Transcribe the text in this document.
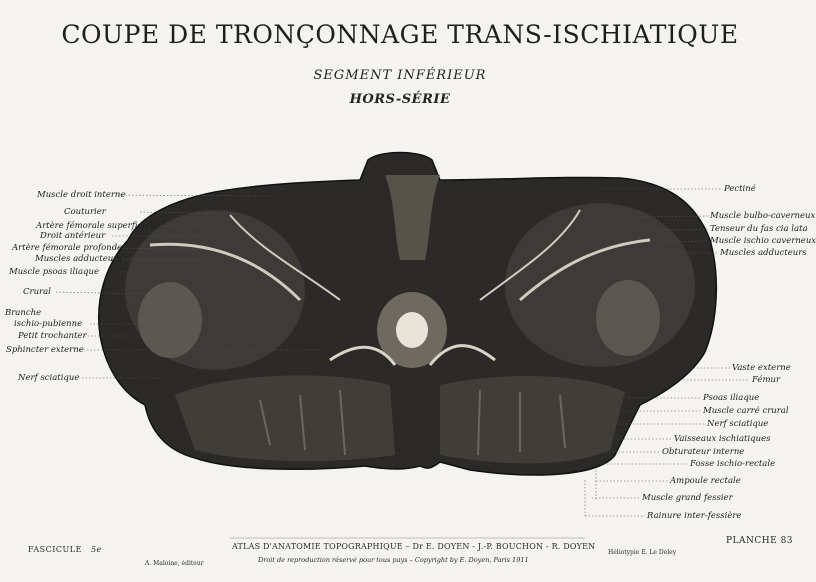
COUPE DE TRONÇONNAGE TRANS-ISCHIATIQUE
SEGMENT INFÉRIEUR
HORS-SÉRIE
Muscle droit interne
Couturier
Artère fémorale superficielle
Droit antérieur
Artère fémorale profonde
Muscles adducteurs
Muscle psoas iliaque
Crural
Branche
ischio-pubienne
Petit trochanter
Sphincter externe
Nerf sciatique
Pectiné
Muscle bulbo-caverneux
Tenseur du fas cia lata
Muscle ischio caverneux
Muscles adducteurs
Vaste externe
Fémur
Psoas iliaque
Muscle carré crural
Nerf sciatique
Vaisseaux ischiatiques
Obturateur interne
Fosse ischio-rectale
Ampoule rectale
Muscle grand fessier
Rainure inter-fessière
FASCICULE 5e
A. Maloine, éditeur
ATLAS D'ANATOMIE TOPOGRAPHIQUE – Dr E. DOYEN - J.-P. BOUCHON - R. DOYEN
Droit de reproduction réservé pour tous pays – Copyright by E. Doyen, Paris 1911
PLANCHE 83
Héliotypie E. Le Deley
